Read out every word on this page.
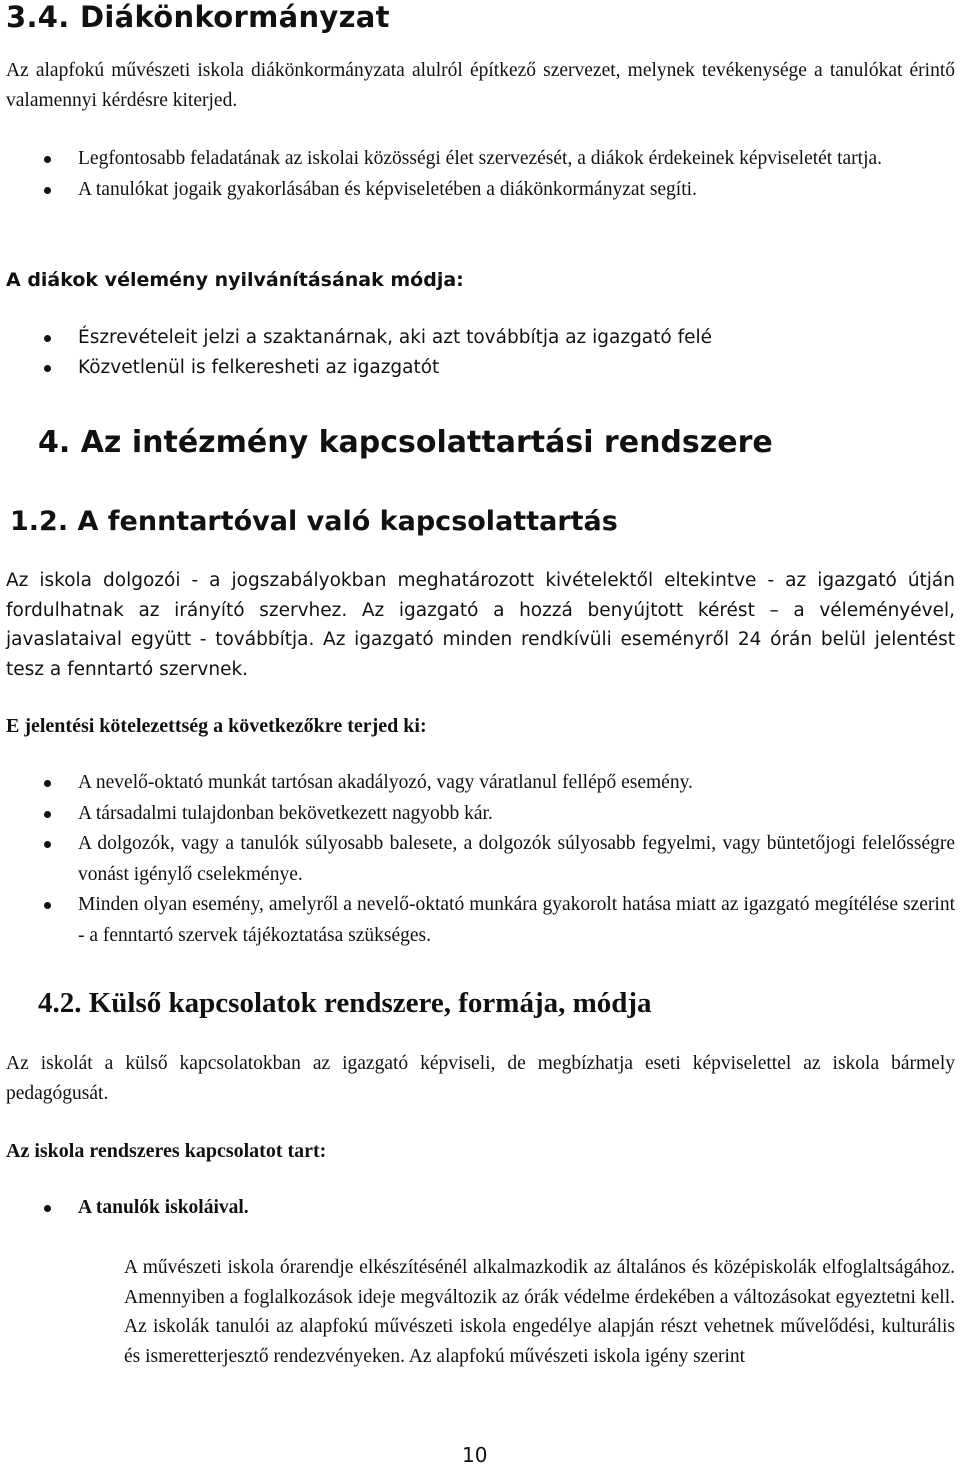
3.4. Diákönkormányzat

Az alapfokú művészeti iskola diákönkormányzata alulról építkező szervezet, melynek tevékenysége a tanulókat érintő valamennyi kérdésre kiterjed.

Legfontosabb feladatának az iskolai közösségi élet szervezését, a diákok érdekeinek képviseletét tartja.
A tanulókat jogaik gyakorlásában és képviseletében a diákönkormányzat segíti.
A diákok vélemény nyilvánításának módja:
Észrevételeit jelzi a szaktanárnak, aki azt továbbítja az igazgató felé
Közvetlenül is felkeresheti az igazgatót
4. Az intézmény kapcsolattartási rendszere
1.2. A fenntartóval való kapcsolattartás

Az iskola dolgozói - a jogszabályokban meghatározott kivételektől eltekintve - az igazgató útján fordulhatnak az irányító szervhez. Az igazgató a hozzá benyújtott kérést – a véleményével, javaslataival együtt - továbbítja. Az igazgató minden rendkívüli eseményről 24 órán belül jelentést tesz a fenntartó szervnek.

E jelentési kötelezettség a következőkre terjed ki:
A nevelő-oktató munkát tartósan akadályozó, vagy váratlanul fellépő esemény.
A társadalmi tulajdonban bekövetkezett nagyobb kár.
A dolgozók, vagy a tanulók súlyosabb balesete, a dolgozók súlyosabb fegyelmi, vagy büntetőjogi felelősségre vonást igénylő cselekménye.
Minden olyan esemény, amelyről a nevelő-oktató munkára gyakorolt hatása miatt az igazgató megítélése szerint - a fenntartó szervek tájékoztatása szükséges.
4.2. Külső kapcsolatok rendszere, formája, módja

Az iskolát a külső kapcsolatokban az igazgató képviseli, de megbízhatja eseti képviselettel az iskola bármely pedagógusát.

Az iskola rendszeres kapcsolatot tart:
A tanulók iskoláival.

A művészeti iskola órarendje elkészítésénél alkalmazkodik az általános és középiskolák elfoglaltságához. Amennyiben a foglalkozások ideje megváltozik az órák védelme érdekében a változásokat egyeztetni kell. Az iskolák tanulói az alapfokú művészeti iskola engedélye alapján részt vehetnek művelődési, kulturális és ismeretterjesztő rendezvényeken. Az alapfokú művészeti iskola igény szerint

10
